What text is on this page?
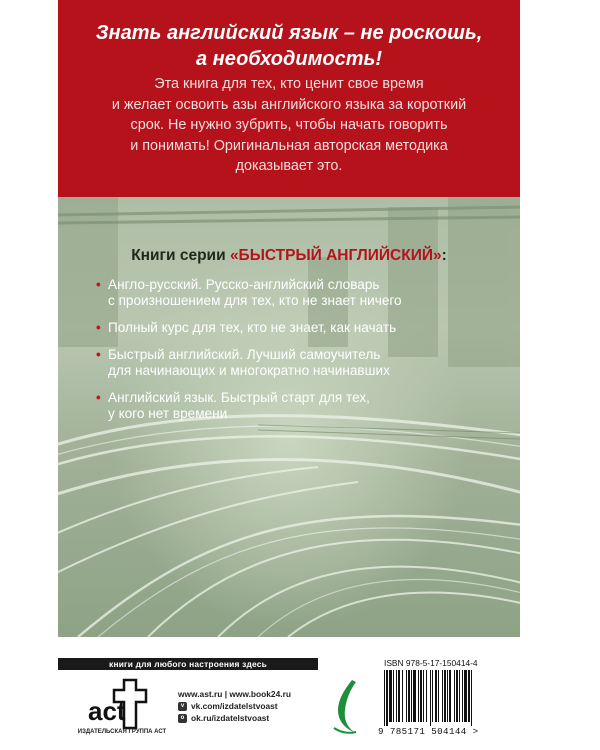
Знать английский язык – не роскошь,
а необходимость!
Эта книга для тех, кто ценит свое время
и желает освоить азы английского языка за короткий
срок. Не нужно зубрить, чтобы начать говорить
и понимать! Оригинальная авторская методика
доказывает это.
Книги серии «БЫСТРЫЙ АНГЛИЙСКИЙ»:
• Англо-русский. Русско-английский словарь
с произношением для тех, кто не знает ничего
• Полный курс для тех, кто не знает, как начать
• Быстрый английский. Лучший самоучитель
для начинающих и многократно начинавших
• Английский язык. Быстрый старт для тех,
у кого нет времени
книги для любого настроения здесь
act
ИЗДАТЕЛЬСКАЯ ГРУППА АСТ
www.ast.ru | www.book24.ru
v vk.com/izdatelstvoast
o ok.ru/izdatelstvoast
ISBN 978-5-17-150414-4
9 785171 504144 >
